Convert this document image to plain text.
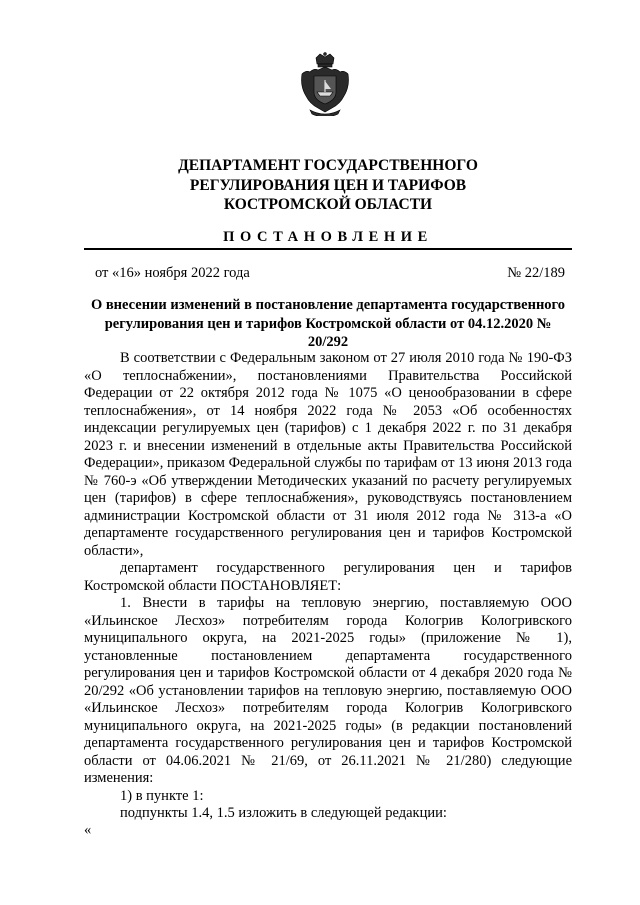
ДЕПАРТАМЕНТ ГОСУДАРСТВЕННОГО
РЕГУЛИРОВАНИЯ ЦЕН И ТАРИФОВ
КОСТРОМСКОЙ ОБЛАСТИ
ПОСТАНОВЛЕНИЕ
от «16» ноября 2022 года	№ 22/189
О внесении изменений в постановление департамента государственного
регулирования цен и тарифов Костромской области от 04.12.2020 № 20/292

В соответствии с Федеральным законом от 27 июля 2010 года № 190-ФЗ «О теплоснабжении», постановлениями Правительства Российской Федерации от 22 октября 2012 года № 1075 «О ценообразовании в сфере теплоснабжения», от 14 ноября 2022 года № 2053 «Об особенностях индексации регулируемых цен (тарифов) с 1 декабря 2022 г. по 31 декабря 2023 г. и внесении изменений в отдельные акты Правительства Российской Федерации», приказом Федеральной службы по тарифам от 13 июня 2013 года № 760-э «Об утверждении Методических указаний по расчету регулируемых цен (тарифов) в сфере теплоснабжения», руководствуясь постановлением администрации Костромской области от 31 июля 2012 года № 313-а «О департаменте государственного регулирования цен и тарифов Костромской области»,

департамент государственного регулирования цен и тарифов Костромской области ПОСТАНОВЛЯЕТ:

1. Внести в тарифы на тепловую энергию, поставляемую ООО «Ильинское Лесхоз» потребителям города Кологрив Кологривского муниципального округа, на 2021-2025 годы» (приложение № 1), установленные постановлением департамента государственного регулирования цен и тарифов Костромской области от 4 декабря 2020 года № 20/292 «Об установлении тарифов на тепловую энергию, поставляемую ООО «Ильинское Лесхоз» потребителям города Кологрив Кологривского муниципального округа, на 2021-2025 годы» (в редакции постановлений департамента государственного регулирования цен и тарифов Костромской области от 04.06.2021 № 21/69, от 26.11.2021 № 21/280) следующие изменения:

1) в пункте 1:

подпункты 1.4, 1.5 изложить в следующей редакции:

«
